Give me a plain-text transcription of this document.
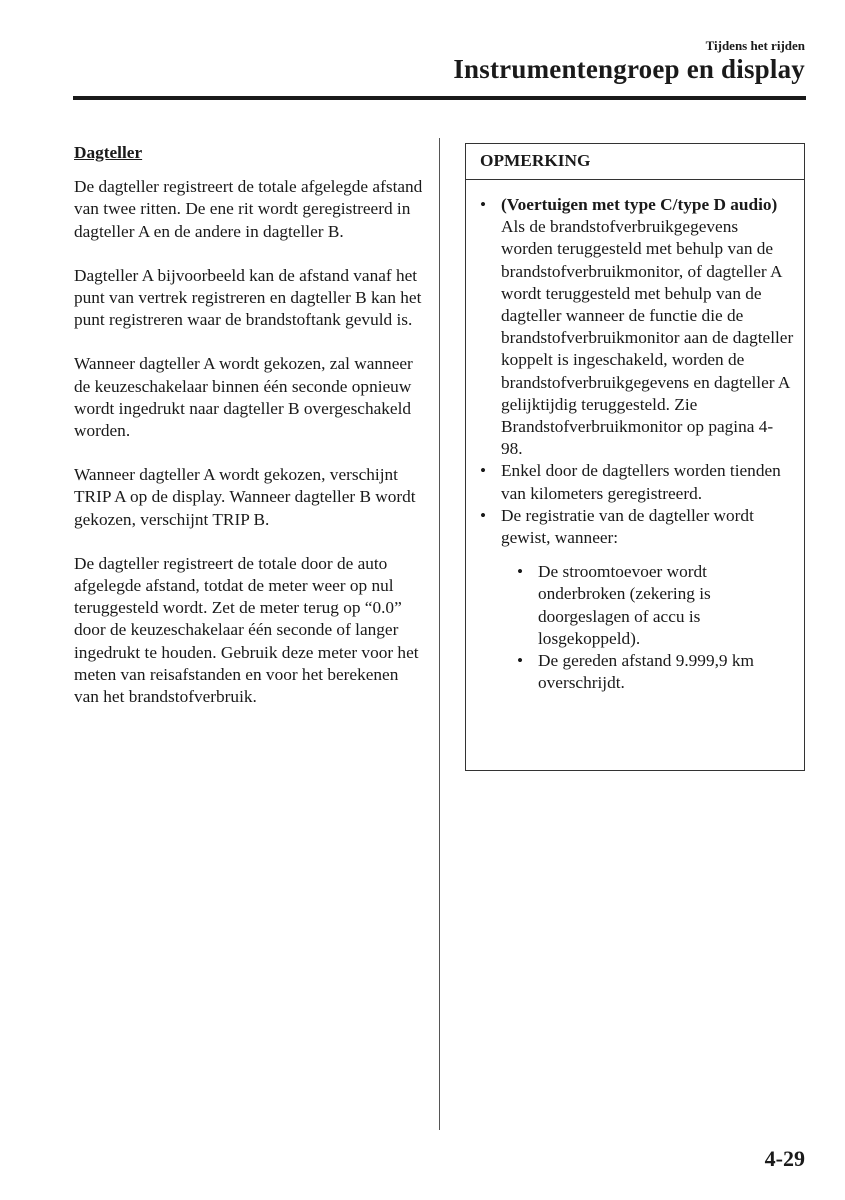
Tijdens het rijden
Instrumentengroep en display
Dagteller

De dagteller registreert de totale afgelegde afstand van twee ritten. De ene rit wordt geregistreerd in dagteller A en de andere in dagteller B.

Dagteller A bijvoorbeeld kan de afstand vanaf het punt van vertrek registreren en dagteller B kan het punt registreren waar de brandstoftank gevuld is.

Wanneer dagteller A wordt gekozen, zal wanneer de keuzeschakelaar binnen één seconde opnieuw wordt ingedrukt naar dagteller B overgeschakeld worden.

Wanneer dagteller A wordt gekozen, verschijnt TRIP A op de display. Wanneer dagteller B wordt gekozen, verschijnt TRIP B.

De dagteller registreert de totale door de auto afgelegde afstand, totdat de meter weer op nul teruggesteld wordt. Zet de meter terug op “0.0” door de keuzeschakelaar één seconde of langer ingedrukt te houden. Gebruik deze meter voor het meten van reisafstanden en voor het berekenen van het brandstofverbruik.

OPMERKING
• (Voertuigen met type C/type D audio)
Als de brandstofverbruikgegevens worden teruggesteld met behulp van de brandstofverbruikmonitor, of dagteller A wordt teruggesteld met behulp van de dagteller wanneer de functie die de brandstofverbruikmonitor aan de dagteller koppelt is ingeschakeld, worden de brandstofverbruikgegevens en dagteller A gelijktijdig teruggesteld. Zie Brandstofverbruikmonitor op pagina 4-98.
• Enkel door de dagtellers worden tienden van kilometers geregistreerd.
• De registratie van de dagteller wordt gewist, wanneer:
• De stroomtoevoer wordt onderbroken (zekering is doorgeslagen of accu is losgekoppeld).
• De gereden afstand 9.999,9 km overschrijdt.
4-29
